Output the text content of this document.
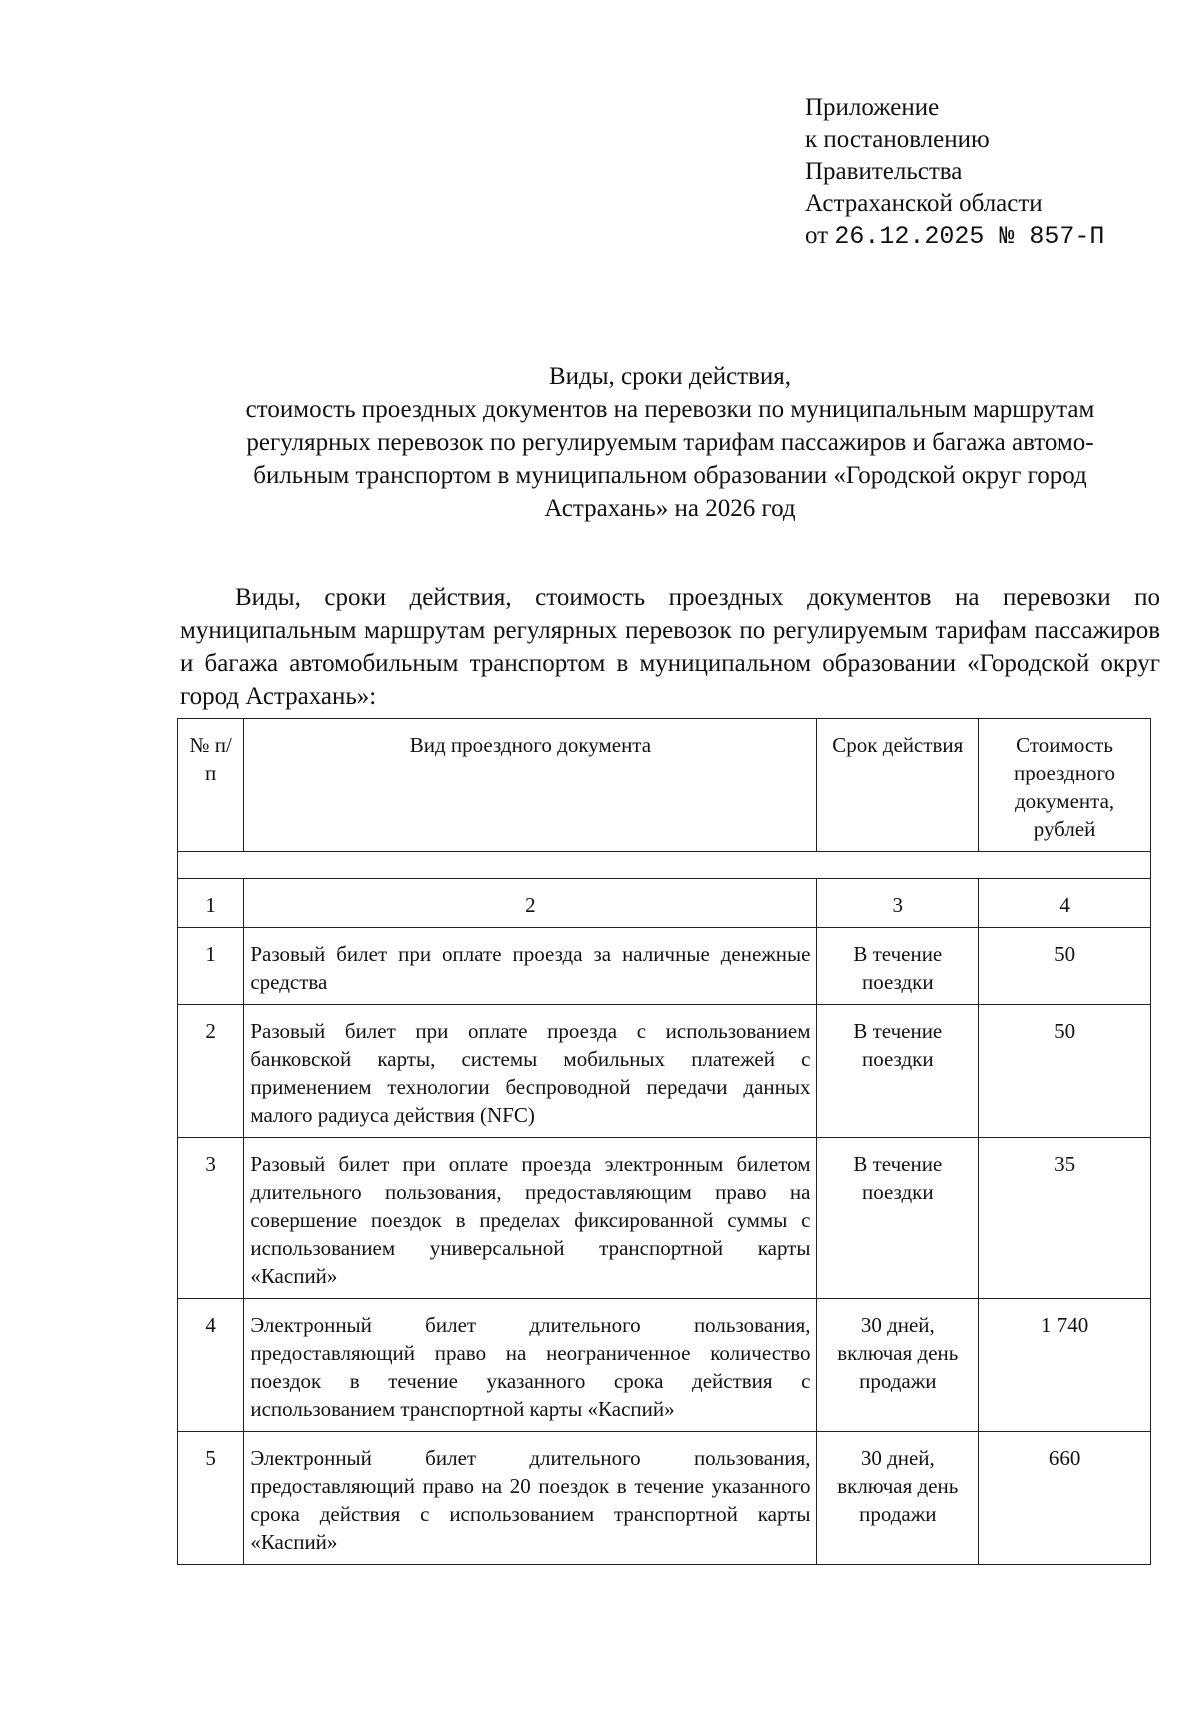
Приложение
к постановлению
Правительства
Астраханской области
от 26.12.2025 № 857-П
Виды, сроки действия,
стоимость проездных документов на перевозки по муниципальным маршрутам
регулярных перевозок по регулируемым тарифам пассажиров и багажа автомо-
бильным транспортом в муниципальном образовании «Городской округ город
Астрахань» на 2026 год

Виды, сроки действия, стоимость проездных документов на перевозки по муниципальным маршрутам регулярных перевозок по регулируемым тарифам пассажиров и багажа автомобильным транспортом в муниципальном образовании «Городской округ город Астрахань»:

№ п/п	Вид проездного документа	Срок действия	Стоимость проездного документа, рублей

1	2	3	4
1	Разовый билет при оплате проезда за наличные денежные средства	В течение поездки	50
2	Разовый билет при оплате проезда с использованием банковской карты, системы мобильных платежей с применением технологии беспроводной передачи данных малого радиуса действия (NFC)	В течение поездки	50
3	Разовый билет при оплате проезда электронным билетом длительного пользования, предоставляющим право на совершение поездок в пределах фиксированной суммы с использованием универсальной транспортной карты «Каспий»	В течение поездки	35
4	Электронный билет длительного пользования, предоставляющий право на неограниченное количество поездок в течение указанного срока действия с использованием транспортной карты «Каспий»	30 дней, включая день продажи	1 740
5	Электронный билет длительного пользования, предоставляющий право на 20 поездок в течение указанного срока действия с использованием транспортной карты «Каспий»	30 дней, включая день продажи	660
